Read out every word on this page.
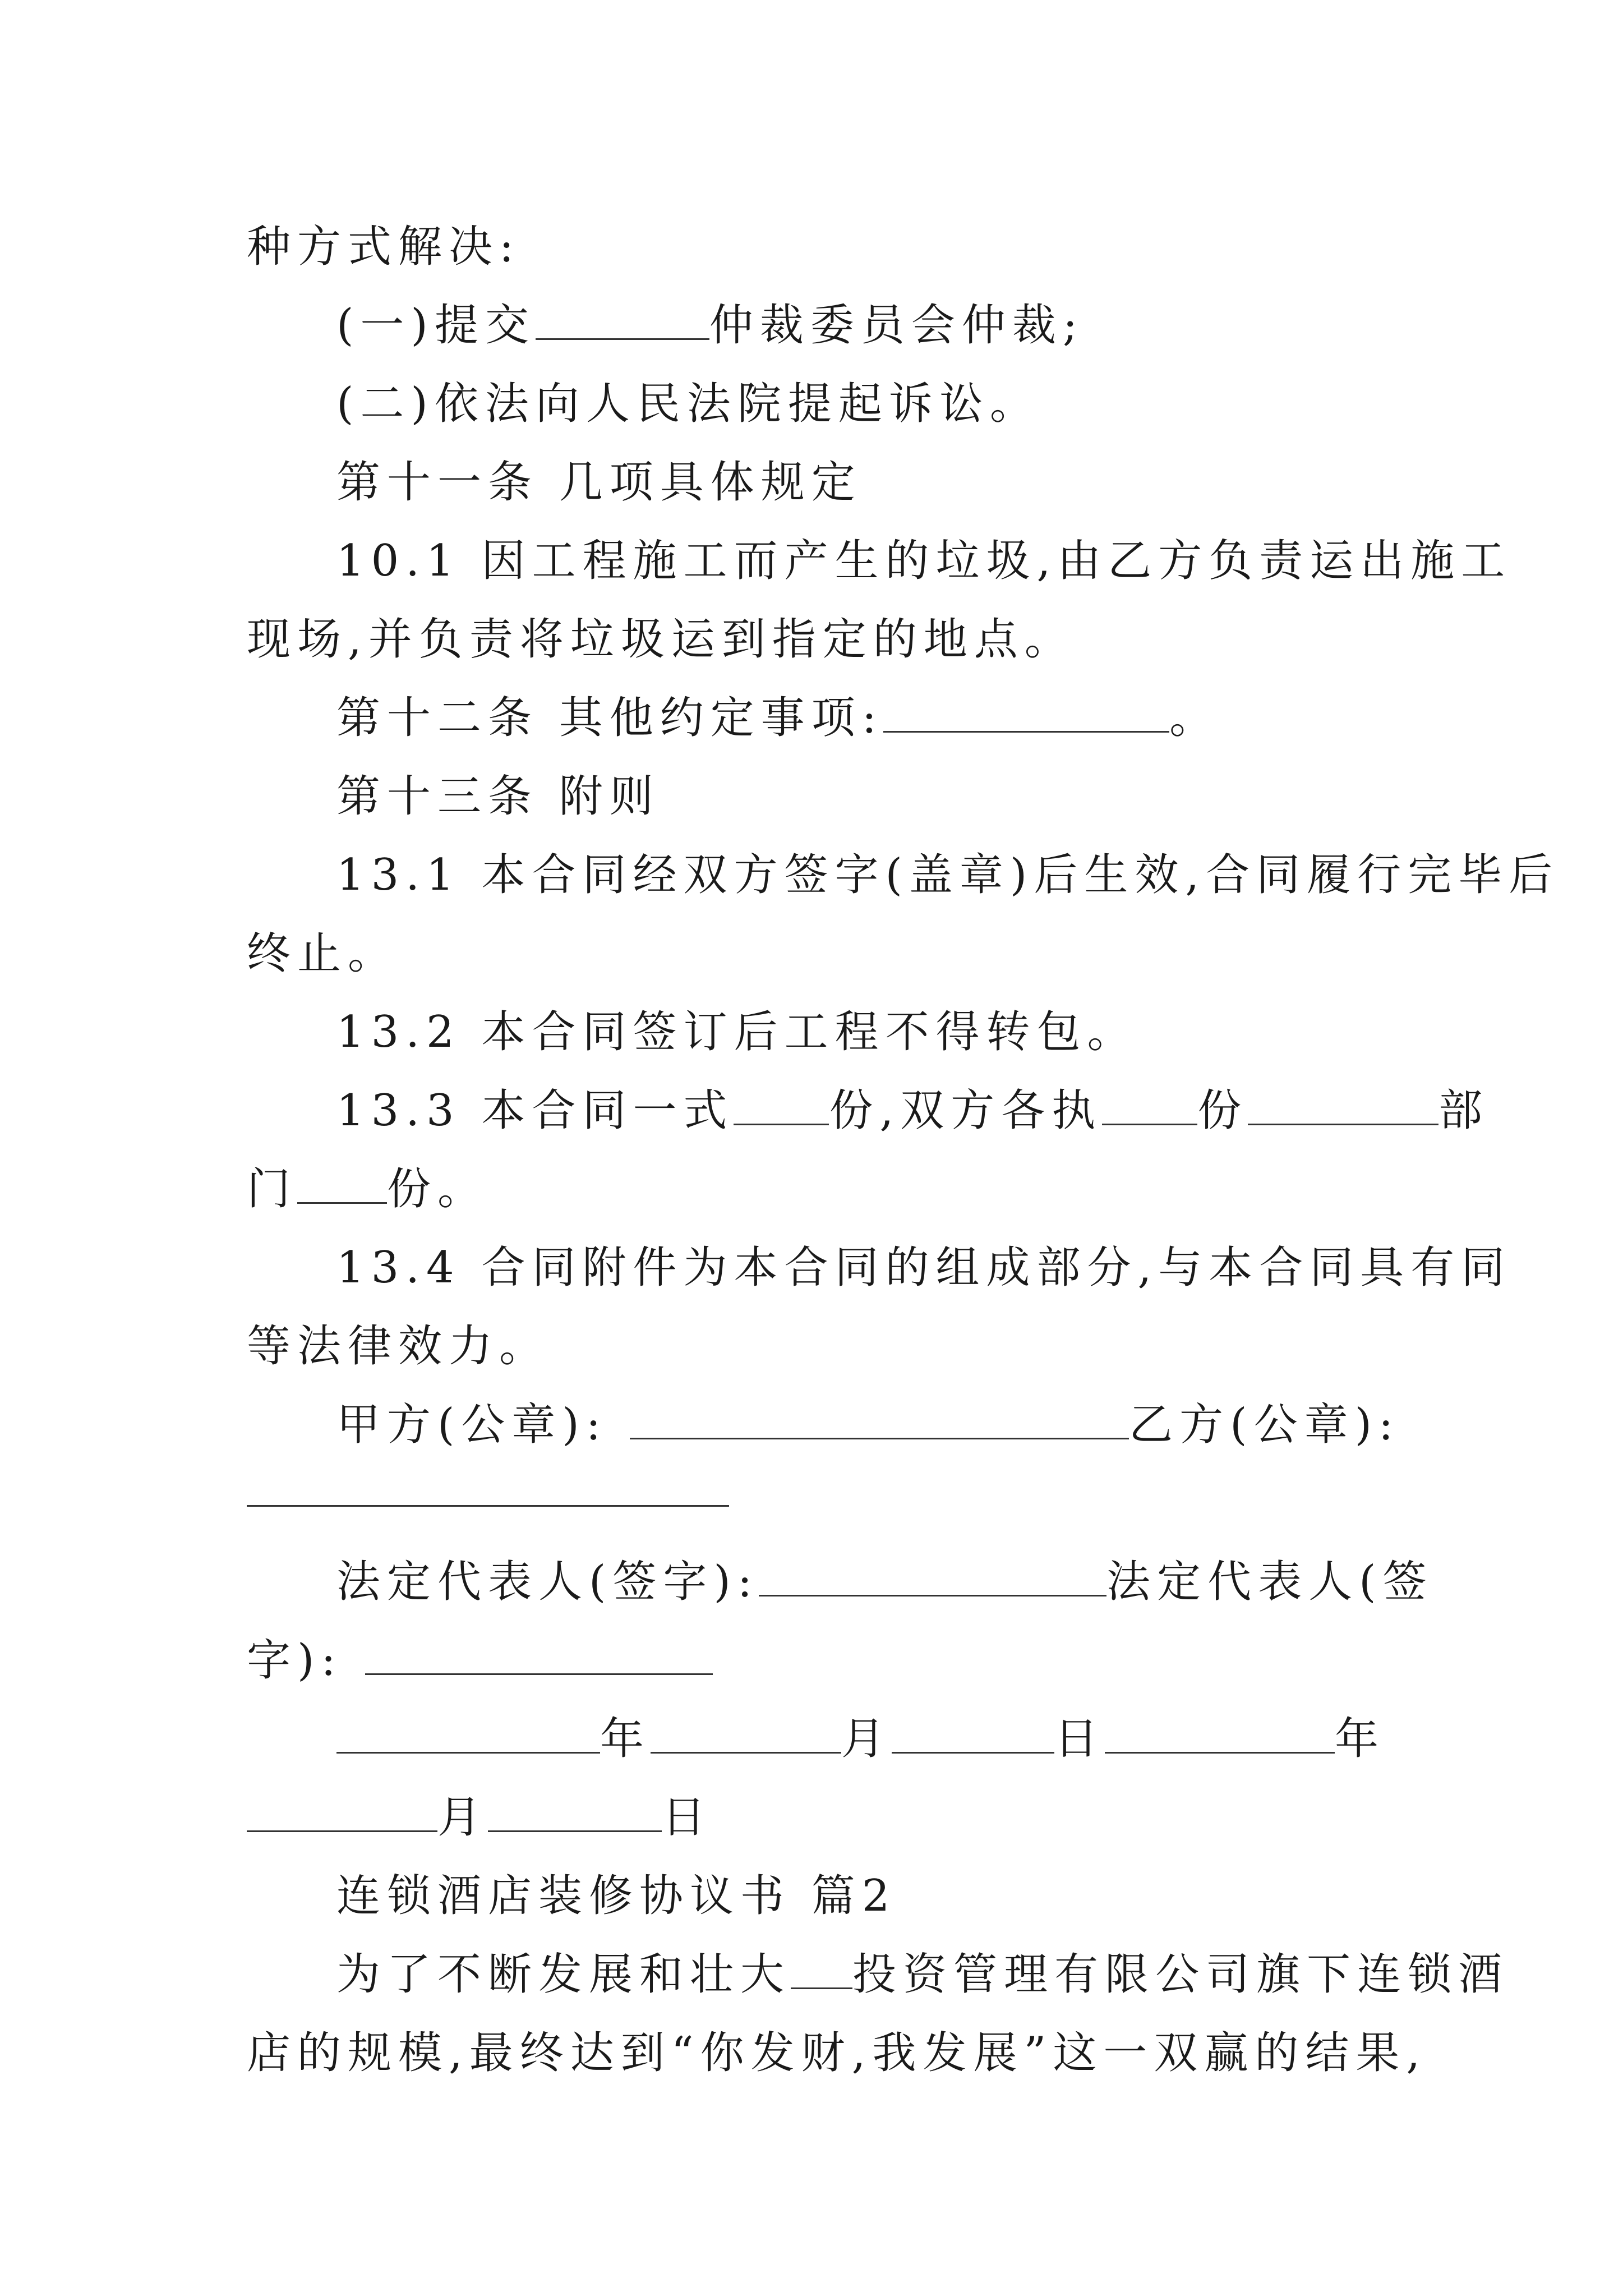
种方式解决:
(一)提交	仲裁委员会仲裁;
(二)依法向人民法院提起诉讼。
第十一条 几项具体规定
10.1 因工程施工而产生的垃圾,由乙方负责运出施工
现场,并负责将垃圾运到指定的地点。
第十二条 其他约定事项:	。
第十三条 附则
13.1 本合同经双方签字(盖章)后生效,合同履行完毕后
终止。
13.2 本合同签订后工程不得转包。
13.3 本合同一式 份,双方各执 份	部
门 份。
13.4 合同附件为本合同的组成部分,与本合同具有同
等法律效力。
甲方(公章):	乙方(公章):
法定代表人(签字):	法定代表人(签
字):
年	月	日	年
月	日
连锁酒店装修协议书 篇2
为了不断发展和壮大 投资管理有限公司旗下连锁酒
店的规模,最终达到“你发财,我发展”这一双赢的结果,
